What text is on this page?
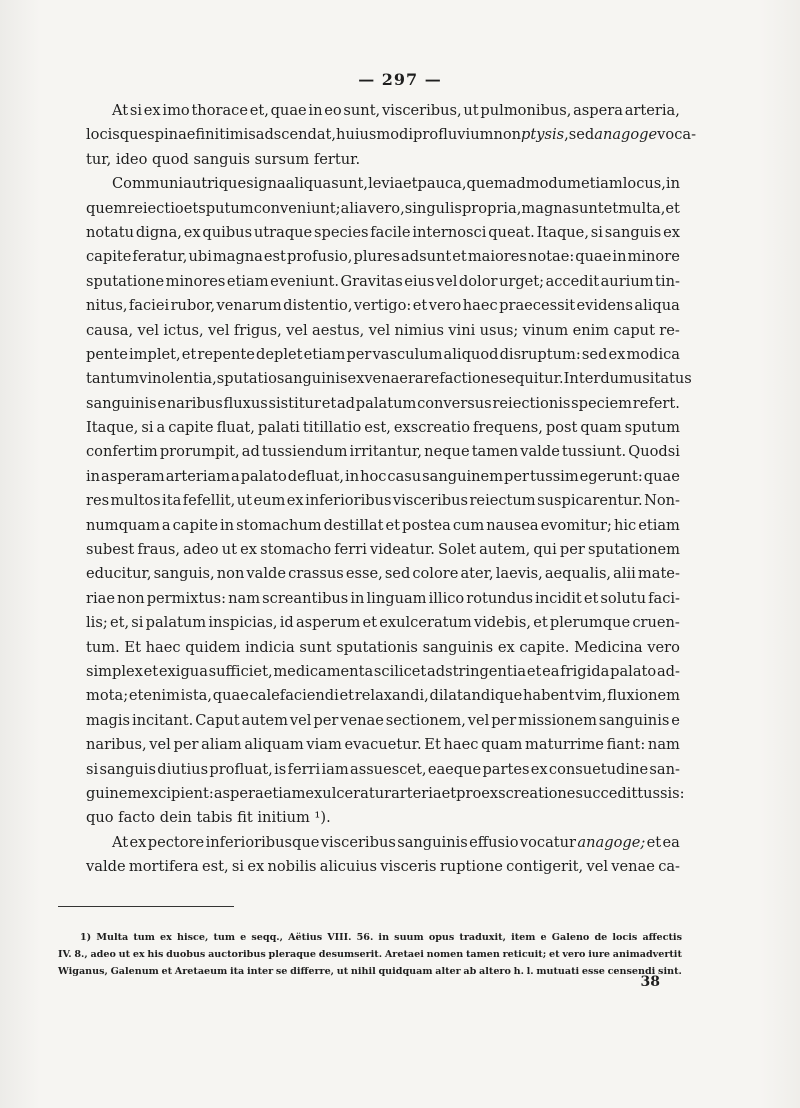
— 297 —
At si ex imo thorace et, quae in eo sunt, visceribus, ut pulmonibus, aspera arteria,
locisque spinae finitimis adscendat, huiusmodi profluvium non ptysis, sed anagoge voca-
tur, ideo quod sanguis sursum fertur.
Communia utrique signa aliqua sunt, levia et pauca, quemadmodum etiam locus, in
quem reiectio et sputum conveniunt; alia vero, singulis propria, magna sunt et multa, et
notatu digna, ex quibus utraque species facile internosci queat. Itaque, si sanguis ex
capite feratur, ubi magna est profusio, plures adsunt et maiores notae: quae in minore
sputatione minores etiam eveniunt. Gravitas eius vel dolor urget; accedit aurium tin-
nitus, faciei rubor, venarum distentio, vertigo: et vero haec praecessit evidens aliqua
causa, vel ictus, vel frigus, vel aestus, vel nimius vini usus; vinum enim caput re-
pente implet, et repente deplet etiam per vasculum aliquod disruptum: sed ex modica
tantum vinolentia, sputatio sanguinis ex venae rarefactione sequitur. Interdum usitatus
sanguinis e naribus fluxus sistitur et ad palatum conversus reiectionis speciem refert.
Itaque, si a capite fluat, palati titillatio est, exscreatio frequens, post quam sputum
confertim prorumpit, ad tussiendum irritantur, neque tamen valde tussiunt. Quodsi
in asperam arteriam a palato defluat, in hoc casu sanguinem per tussim egerunt: quae
res multos ita fefellit, ut eum ex inferioribus visceribus reiectum suspicarentur. Non-
numquam a capite in stomachum destillat et postea cum nausea evomitur; hic etiam
subest fraus, adeo ut ex stomacho ferri videatur. Solet autem, qui per sputationem
educitur, sanguis, non valde crassus esse, sed colore ater, laevis, aequalis, alii mate-
riae non permixtus: nam screantibus in linguam illico rotundus incidit et solutu faci-
lis; et, si palatum inspicias, id asperum et exulceratum videbis, et plerumque cruen-
tum. Et haec quidem indicia sunt sputationis sanguinis ex capite. Medicina vero
simplex et exigua sufficiet, medicamenta scilicet adstringentia et ea frigida palato ad-
mota; etenim ista, quae calefaciendi et relaxandi, dilatandique habent vim, fluxionem
magis incitant. Caput autem vel per venae sectionem, vel per missionem sanguinis e
naribus, vel per aliam aliquam viam evacuetur. Et haec quam maturrime fiant: nam
si sanguis diutius profluat, is ferri iam assuescet, eaeque partes ex consuetudine san-
guinem excipient: aspera etiam exulceratur arteria et pro exscreatione succedit tussis:
quo facto dein tabis fit initium ¹).
At ex pectore inferioribusque visceribus sanguinis effusio vocatur anagoge; et ea
valde mortifera est, si ex nobilis alicuius visceris ruptione contigerit, vel venae ca-
1) Multa tum ex hisce, tum e seqq., Aëtius VIII. 56. in suum opus traduxit, item e Galeno de locis affectis
IV. 8., adeo ut ex his duobus auctoribus pleraque desumserit. Aretaei nomen tamen reticuit; et vero iure animadvertit
Wiganus, Galenum et Aretaeum ita inter se differre, ut nihil quidquam alter ab altero h. l. mutuati esse censendi sint.
38
